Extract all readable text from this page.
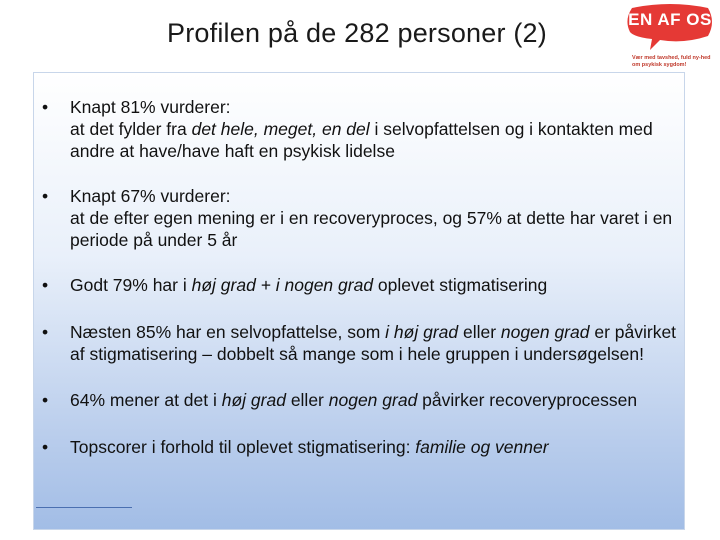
Profilen på de 282 personer (2)	EN AF OS
Vær med tavshed, fuld ny-hed om psykisk sygdom!
• Knapt 81% vurderer:
at det fylder fra det hele, meget, en del i selvopfattelsen og i kontakten med andre at have/have haft en psykisk lidelse
• Knapt 67% vurderer:
at de efter egen mening er i en recoveryproces, og 57% at dette har varet i en periode på under 5 år
• Godt 79% har i høj grad + i nogen grad oplevet stigmatisering
• Næsten 85% har en selvopfattelse, som i høj grad eller nogen grad er påvirket af stigmatisering – dobbelt så mange som i hele gruppen i undersøgelsen!
• 64% mener at det i høj grad eller nogen grad påvirker recoveryprocessen
• Topscorer i forhold til oplevet stigmatisering: familie og venner
